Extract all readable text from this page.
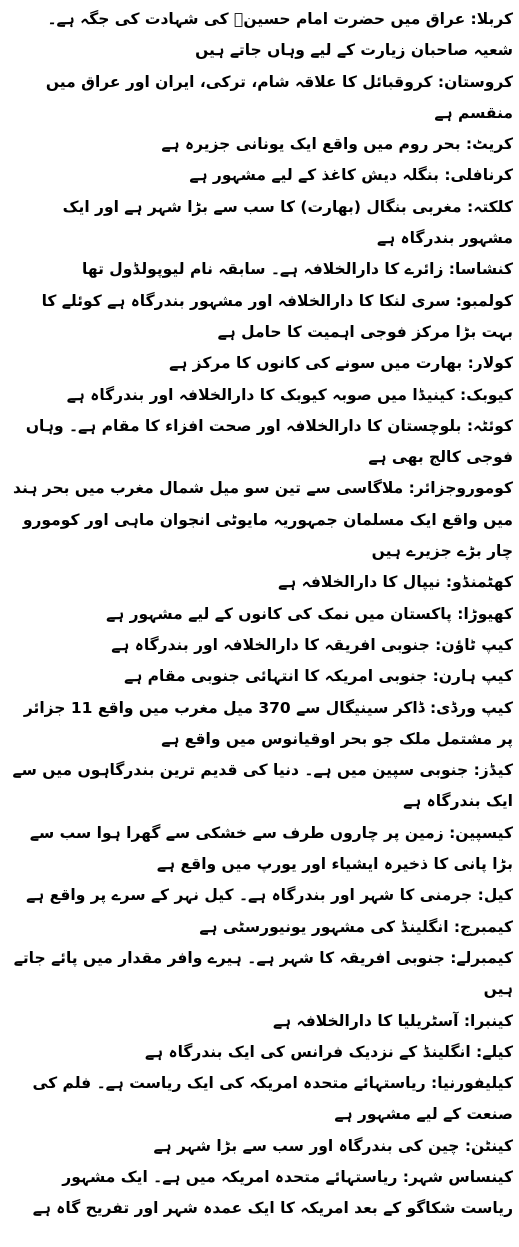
کربلا: عراق میں حضرت امام حسینؓ کی شہادت کی جگہ ہے۔ شعیہ صاحبان زیارت کے لیے وہاں جاتے ہیں

کروستان: کروقبائل کا علاقہ شام، ترکی، ایران اور عراق میں منقسم ہے

کریٹ: بحر روم میں واقع ایک یونانی جزیرہ ہے

کرنافلی: بنگلہ دیش کاغذ کے لیے مشہور ہے

کلکتہ: مغربی بنگال (بھارت) کا سب سے بڑا شہر ہے اور ایک مشہور بندرگاہ ہے

کنشاسا: زائرے کا دارالخلافہ ہے۔ سابقہ نام لیوپولڈول تھا

کولمبو: سری لنکا کا دارالخلافہ اور مشہور بندرگاہ ہے کوئلے کا بہت بڑا مرکز فوجی اہمیت کا حامل ہے

کولار: بھارت میں سونے کی کانوں کا مرکز ہے

کیوبک: کینیڈا میں صوبہ کیوبک کا دارالخلافہ اور بندرگاہ ہے

کوئٹہ: بلوچستان کا دارالخلافہ اور صحت افزاء کا مقام ہے۔ وہاں فوجی کالج بھی ہے

کوموروجزائر: ملاگاسی سے تین سو میل شمال مغرب میں بحر ہند میں واقع ایک مسلمان جمہوریہ مایوٹی انجوان ماہی اور کومورو چار بڑے جزیرے ہیں

کھٹمنڈو: نیپال کا دارالخلافہ ہے

کھیوڑا: پاکستان میں نمک کی کانوں کے لیے مشہور ہے

کیپ ٹاؤن: جنوبی افریقہ کا دارالخلافہ اور بندرگاہ ہے

کیپ ہارن: جنوبی امریکہ کا انتہائی جنوبی مقام ہے

کیپ ورڈی: ڈاکر سینیگال سے 370 میل مغرب میں واقع 11 جزائر پر مشتمل ملک جو بحر اوقیانوس میں واقع ہے

کیڈز: جنوبی سپین میں ہے۔ دنیا کی قدیم ترین بندرگاہوں میں سے ایک بندرگاہ ہے

کیسپین: زمین پر چاروں طرف سے خشکی سے گھرا ہوا سب سے بڑا پانی کا ذخیرہ ایشیاء اور یورپ میں واقع ہے

کیل: جرمنی کا شہر اور بندرگاہ ہے۔ کیل نہر کے سرے پر واقع ہے

کیمبرج: انگلینڈ کی مشہور یونیورسٹی ہے

کیمبرلے: جنوبی افریقہ کا شہر ہے۔ ہیرے وافر مقدار میں پائے جاتے ہیں

کینبرا: آسٹریلیا کا دارالخلافہ ہے

کیلے: انگلینڈ کے نزدیک فرانس کی ایک بندرگاہ ہے

کیلیفورنیا: ریاستہائے متحدہ امریکہ کی ایک ریاست ہے۔ فلم کی صنعت کے لیے مشہور ہے

کینٹن: چین کی بندرگاہ اور سب سے بڑا شہر ہے

کینساس شہر: ریاستہائے متحدہ امریکہ میں ہے۔ ایک مشہور ریاست شکاگو کے بعد امریکہ کا ایک عمدہ شہر اور تفریح گاہ ہے
